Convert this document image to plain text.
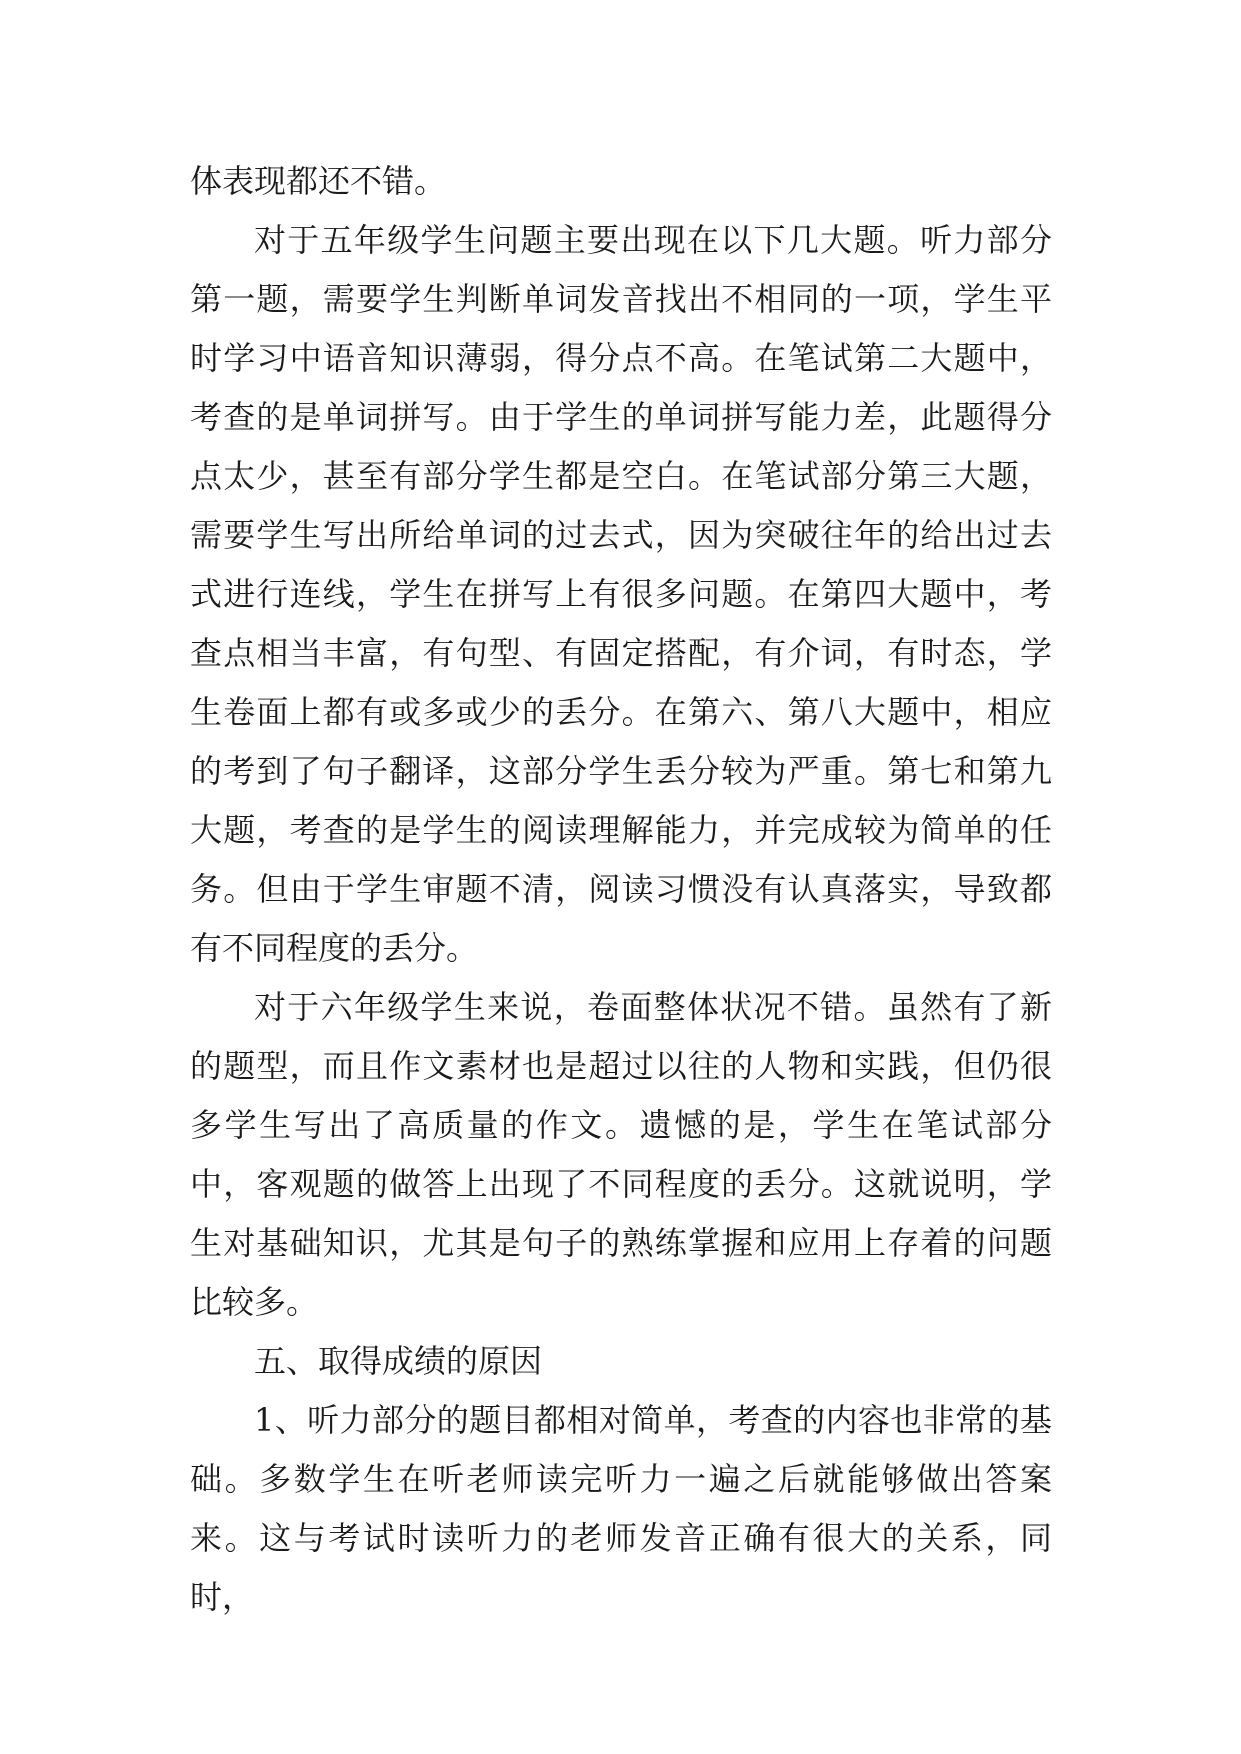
体表现都还不错。

对于五年级学生问题主要出现在以下几大题。听力部分第一题，需要学生判断单词发音找出不相同的一项，学生平时学习中语音知识薄弱，得分点不高。在笔试第二大题中，考查的是单词拼写。由于学生的单词拼写能力差，此题得分点太少，甚至有部分学生都是空白。在笔试部分第三大题，需要学生写出所给单词的过去式，因为突破往年的给出过去式进行连线，学生在拼写上有很多问题。在第四大题中，考查点相当丰富，有句型、有固定搭配，有介词，有时态，学生卷面上都有或多或少的丢分。在第六、第八大题中，相应的考到了句子翻译，这部分学生丢分较为严重。第七和第九大题，考查的是学生的阅读理解能力，并完成较为简单的任务。但由于学生审题不清，阅读习惯没有认真落实，导致都有不同程度的丢分。

对于六年级学生来说，卷面整体状况不错。虽然有了新的题型，而且作文素材也是超过以往的人物和实践，但仍很多学生写出了高质量的作文。遗憾的是，学生在笔试部分中，客观题的做答上出现了不同程度的丢分。这就说明，学生对基础知识，尤其是句子的熟练掌握和应用上存着的问题比较多。

五、取得成绩的原因

1、听力部分的题目都相对简单，考查的内容也非常的基础。多数学生在听老师读完听力一遍之后就能够做出答案来。这与考试时读听力的老师发音正确有很大的关系，同时，
